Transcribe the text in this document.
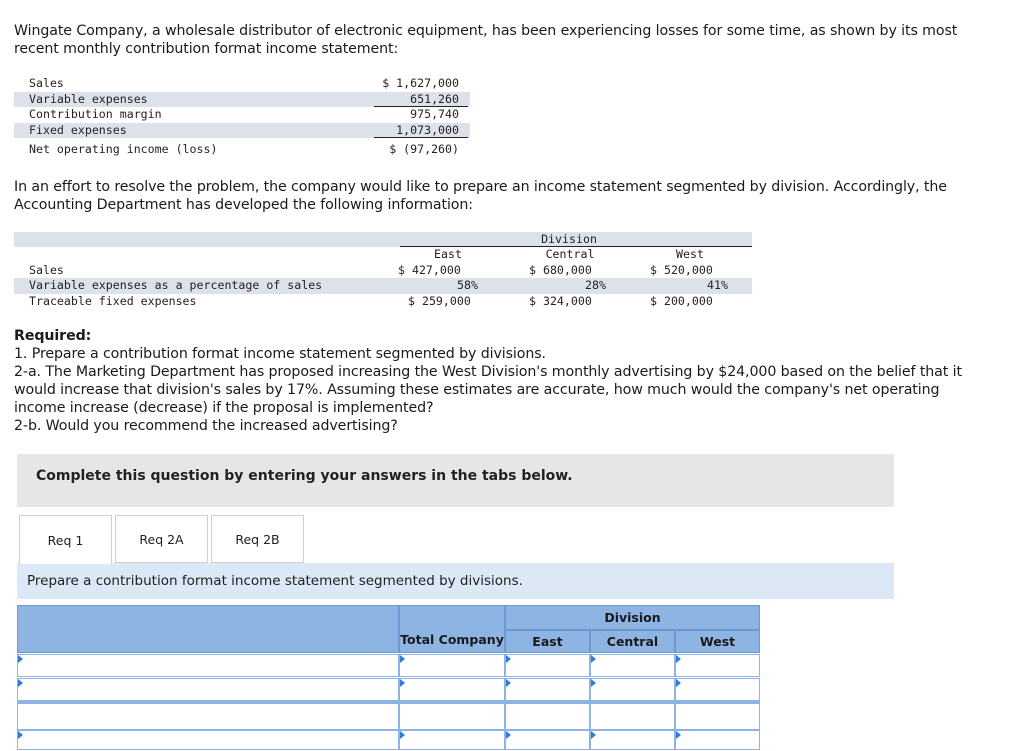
Wingate Company, a wholesale distributor of electronic equipment, has been experiencing losses for some time, as shown by its most
recent monthly contribution format income statement:
Sales	$ 1,627,000
Variable expenses	651,260
Contribution margin	975,740
Fixed expenses	1,073,000
Net operating income (loss)	$ (97,260)
In an effort to resolve the problem, the company would like to prepare an income statement segmented by division. Accordingly, the
Accounting Department has developed the following information:
Division
East	Central	West
Sales	$ 427,000	$ 680,000	$ 520,000
Variable expenses as a percentage of sales	58%	28%	41%
Traceable fixed expenses	$ 259,000	$ 324,000	$ 200,000
Required:
1. Prepare a contribution format income statement segmented by divisions.
2-a. The Marketing Department has proposed increasing the West Division's monthly advertising by $24,000 based on the belief that it
would increase that division's sales by 17%. Assuming these estimates are accurate, how much would the company's net operating
income increase (decrease) if the proposal is implemented?
2-b. Would you recommend the increased advertising?
Complete this question by entering your answers in the tabs below.
Req 1	Req 2A	Req 2B
Prepare a contribution format income statement segmented by divisions.
Division
Total Company	East	Central	West
